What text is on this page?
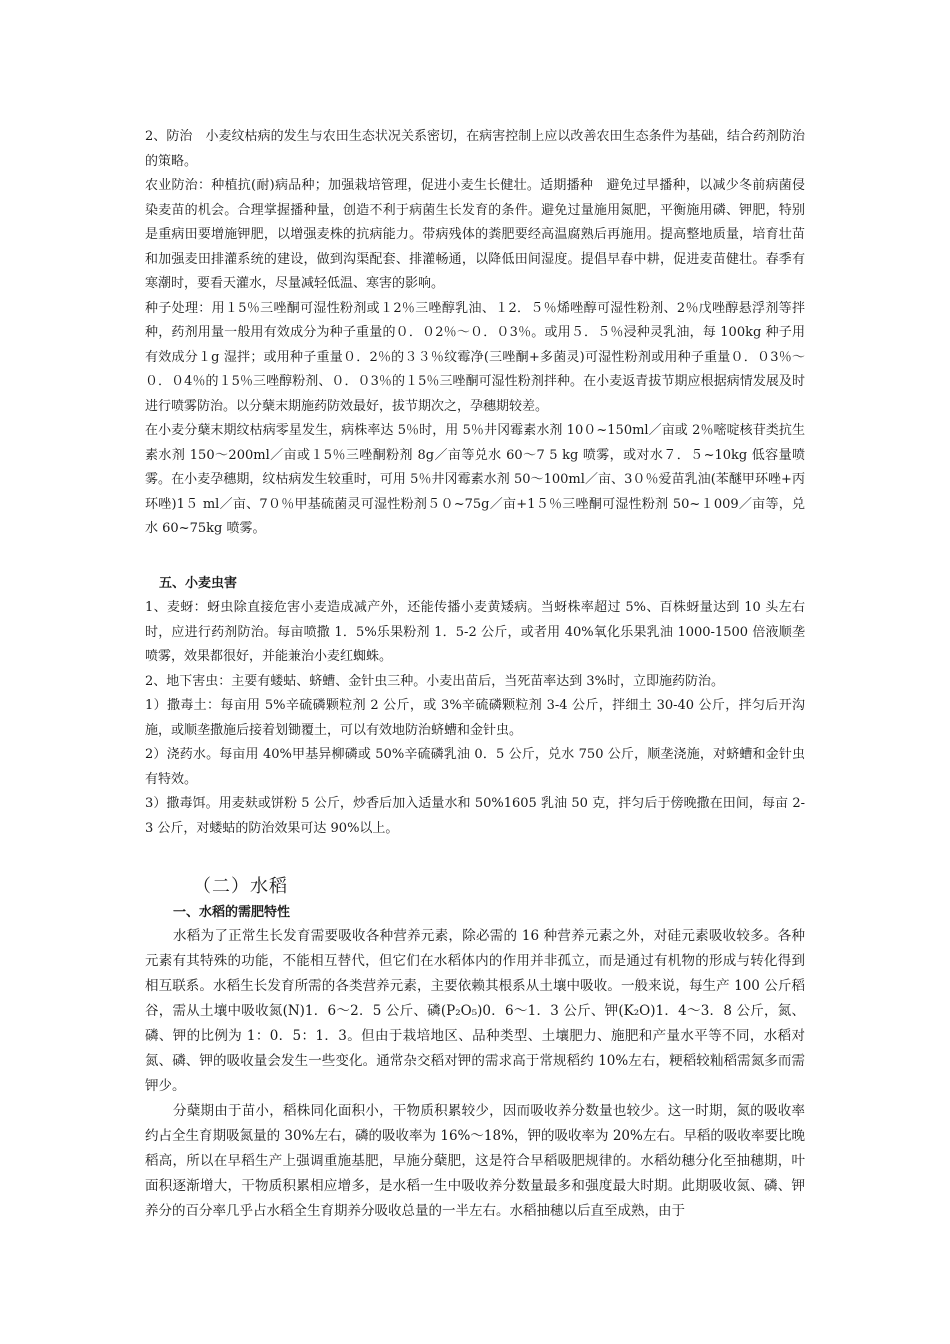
2、防治　小麦纹枯病的发生与农田生态状况关系密切，在病害控制上应以改善农田生态条件为基础，结合药剂防治的策略。

农业防治：种植抗(耐)病品种；加强栽培管理，促进小麦生长健壮。适期播种　避免过早播种，以减少冬前病菌侵染麦苗的机会。合理掌握播种量，创造不利于病菌生长发育的条件。避免过量施用氮肥，平衡施用磷、钾肥，特别是重病田要增施钾肥，以增强麦株的抗病能力。带病残体的粪肥要经高温腐熟后再施用。提高整地质量，培育壮苗和加强麦田排灌系统的建设，做到沟渠配套、排灌畅通，以降低田间湿度。提倡早春中耕，促进麦苗健壮。春季有寒潮时，要看天灌水，尽量减轻低温、寒害的影响。

种子处理：用１5％三唑酮可湿性粉剂或１2％三唑醇乳油、１2．５％烯唑醇可湿性粉剂、2％戊唑醇悬浮剂等拌种，药剂用量一般用有效成分为种子重量的０．０2％～０．０3％。或用５．５％浸种灵乳油，每 100kg 种子用有效成分１g 湿拌；或用种子重量０．2％的３３％纹霉净(三唑酮+多菌灵)可湿性粉剂或用种子重量０．０3％～０．０4％的１5％三唑醇粉剂、０．０3％的１5％三唑酮可湿性粉剂拌种。在小麦返青拔节期应根据病情发展及时进行喷雾防治。以分蘖末期施药防效最好，拔节期次之，孕穗期较差。

在小麦分蘖末期纹枯病零星发生，病株率达 5％时，用 5％井冈霉素水剂 10０~150ml／亩或 2％嘧啶核苷类抗生素水剂 150～200ml／亩或１5％三唑酮粉剂 8g／亩等兑水 60～7 5 kg 喷雾，或对水７．５~10kg 低容量喷雾。在小麦孕穗期，纹枯病发生较重时，可用 5％井冈霉素水剂 50～100ml／亩、3０％爱苗乳油(苯醚甲环唑+丙环唑)1５ ml／亩、7０％甲基硫菌灵可湿性粉剂５０~75g／亩+1５％三唑酮可湿性粉剂 50~１009／亩等，兑水 60~75kg 喷雾。

五、小麦虫害

1、麦蚜：蚜虫除直接危害小麦造成减产外，还能传播小麦黄矮病。当蚜株率超过 5%、百株蚜量达到 10 头左右时，应进行药剂防治。每亩喷撒 1．5%乐果粉剂 1．5-2 公斤，或者用 40%氧化乐果乳油 1000-1500 倍液顺垄喷雾，效果都很好，并能兼治小麦红蜘蛛。

2、地下害虫：主要有蝼蛄、蛴螬、金针虫三种。小麦出苗后，当死苗率达到 3%时，立即施药防治。

1）撒毒土：每亩用 5%辛硫磷颗粒剂 2 公斤，或 3%辛硫磷颗粒剂 3-4 公斤，拌细土 30-40 公斤，拌匀后开沟施，或顺垄撒施后接着划锄覆土，可以有效地防治蛴螬和金针虫。

2）浇药水。每亩用 40%甲基异柳磷或 50%辛硫磷乳油 0．5 公斤，兑水 750 公斤，顺垄浇施，对蛴螬和金针虫有特效。

3）撒毒饵。用麦麸或饼粉 5 公斤，炒香后加入适量水和 50%1605 乳油 50 克，拌匀后于傍晚撒在田间，每亩 2-3 公斤，对蝼蛄的防治效果可达 90%以上。

（二）水稻

一、水稻的需肥特性

水稻为了正常生长发育需要吸收各种营养元素，除必需的 16 种营养元素之外，对硅元素吸收较多。各种元素有其特殊的功能，不能相互替代，但它们在水稻体内的作用并非孤立，而是通过有机物的形成与转化得到相互联系。水稻生长发育所需的各类营养元素，主要依赖其根系从土壤中吸收。一般来说，每生产 100 公斤稻谷，需从土壤中吸收氮(N)1．6～2．5 公斤、磷(P₂O₅)0．6～1．3 公斤、钾(K₂O)1．4～3．8 公斤，氮、磷、钾的比例为 1：0．5：1．3。但由于栽培地区、品种类型、土壤肥力、施肥和产量水平等不同，水稻对氮、磷、钾的吸收量会发生一些变化。通常杂交稻对钾的需求高于常规稻约 10%左右，粳稻较籼稻需氮多而需钾少。

分蘖期由于苗小，稻株同化面积小，干物质积累较少，因而吸收养分数量也较少。这一时期，氮的吸收率约占全生育期吸氮量的 30%左右，磷的吸收率为 16%～18%，钾的吸收率为 20%左右。早稻的吸收率要比晚稻高，所以在早稻生产上强调重施基肥，早施分蘖肥，这是符合早稻吸肥规律的。水稻幼穗分化至抽穗期，叶面积逐渐增大，干物质积累相应增多，是水稻一生中吸收养分数量最多和强度最大时期。此期吸收氮、磷、钾养分的百分率几乎占水稻全生育期养分吸收总量的一半左右。水稻抽穗以后直至成熟，由于
